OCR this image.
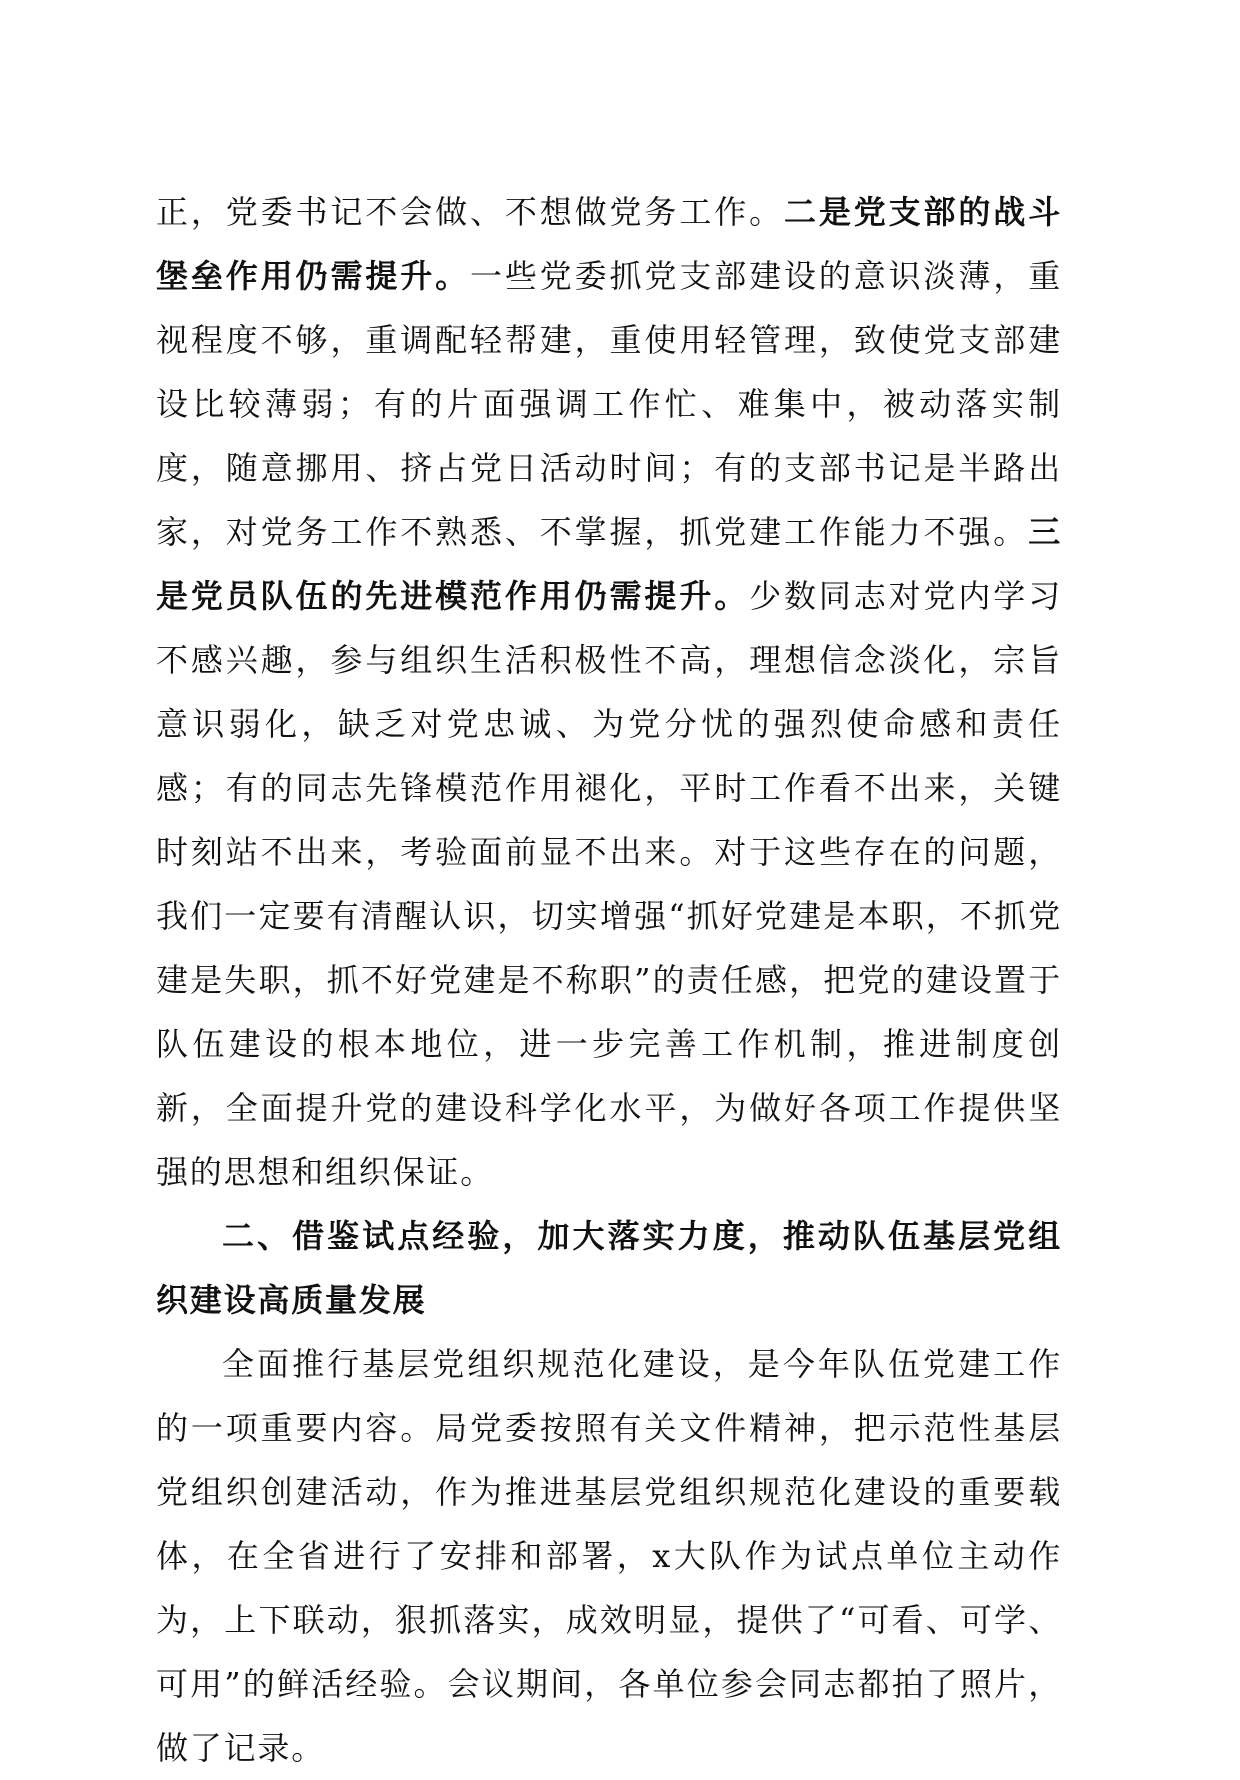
正，党委书记不会做、不想做党务工作。二是党支部的战斗堡垒作用仍需提升。一些党委抓党支部建设的意识淡薄，重视程度不够，重调配轻帮建，重使用轻管理，致使党支部建设比较薄弱；有的片面强调工作忙、难集中，被动落实制度，随意挪用、挤占党日活动时间；有的支部书记是半路出家，对党务工作不熟悉、不掌握，抓党建工作能力不强。三是党员队伍的先进模范作用仍需提升。少数同志对党内学习不感兴趣，参与组织生活积极性不高，理想信念淡化，宗旨意识弱化，缺乏对党忠诚、为党分忧的强烈使命感和责任感；有的同志先锋模范作用褪化，平时工作看不出来，关键时刻站不出来，考验面前显不出来。对于这些存在的问题，我们一定要有清醒认识，切实增强“抓好党建是本职，不抓党建是失职，抓不好党建是不称职”的责任感，把党的建设置于队伍建设的根本地位，进一步完善工作机制，推进制度创新，全面提升党的建设科学化水平，为做好各项工作提供坚强的思想和组织保证。

二、借鉴试点经验，加大落实力度，推动队伍基层党组织建设高质量发展

全面推行基层党组织规范化建设，是今年队伍党建工作的一项重要内容。局党委按照有关文件精神，把示范性基层党组织创建活动，作为推进基层党组织规范化建设的重要载体，在全省进行了安排和部署，x大队作为试点单位主动作为，上下联动，狠抓落实，成效明显，提供了“可看、可学、可用”的鲜活经验。会议期间，各单位参会同志都拍了照片，做了记录。
